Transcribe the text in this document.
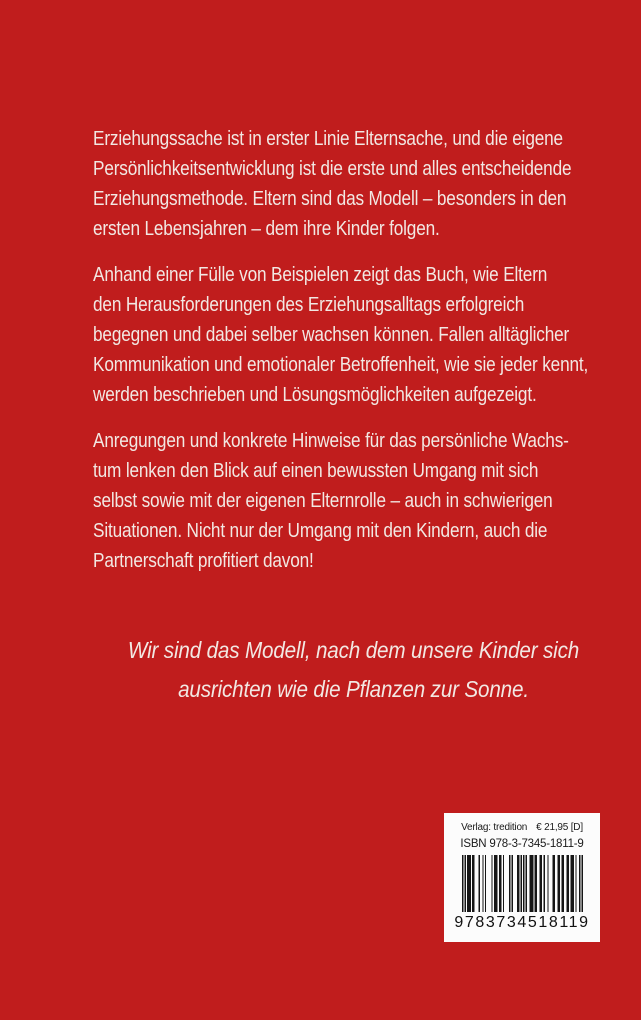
Erziehungssache ist in erster Linie Elternsache, und die eigene
Persönlichkeitsentwicklung ist die erste und alles entscheidende
Erziehungsmethode. Eltern sind das Modell – besonders in den
ersten Lebensjahren – dem ihre Kinder folgen.

Anhand einer Fülle von Beispielen zeigt das Buch, wie Eltern
den Herausforderungen des Erziehungsalltags erfolgreich
begegnen und dabei selber wachsen können. Fallen alltäglicher
Kommunikation und emotionaler Betroffenheit, wie sie jeder kennt,
werden beschrieben und Lösungsmöglichkeiten aufgezeigt.

Anregungen und konkrete Hinweise für das persönliche Wachs-
tum lenken den Blick auf einen bewussten Umgang mit sich
selbst sowie mit der eigenen Elternrolle – auch in schwierigen
Situationen. Nicht nur der Umgang mit den Kindern, auch die
Partnerschaft profitiert davon!

Wir sind das Modell, nach dem unsere Kinder sich
ausrichten wie die Pflanzen zur Sonne.
Verlag: tredition € 21,95 [D]
ISBN 978-3-7345-1811-9
9783734518119
